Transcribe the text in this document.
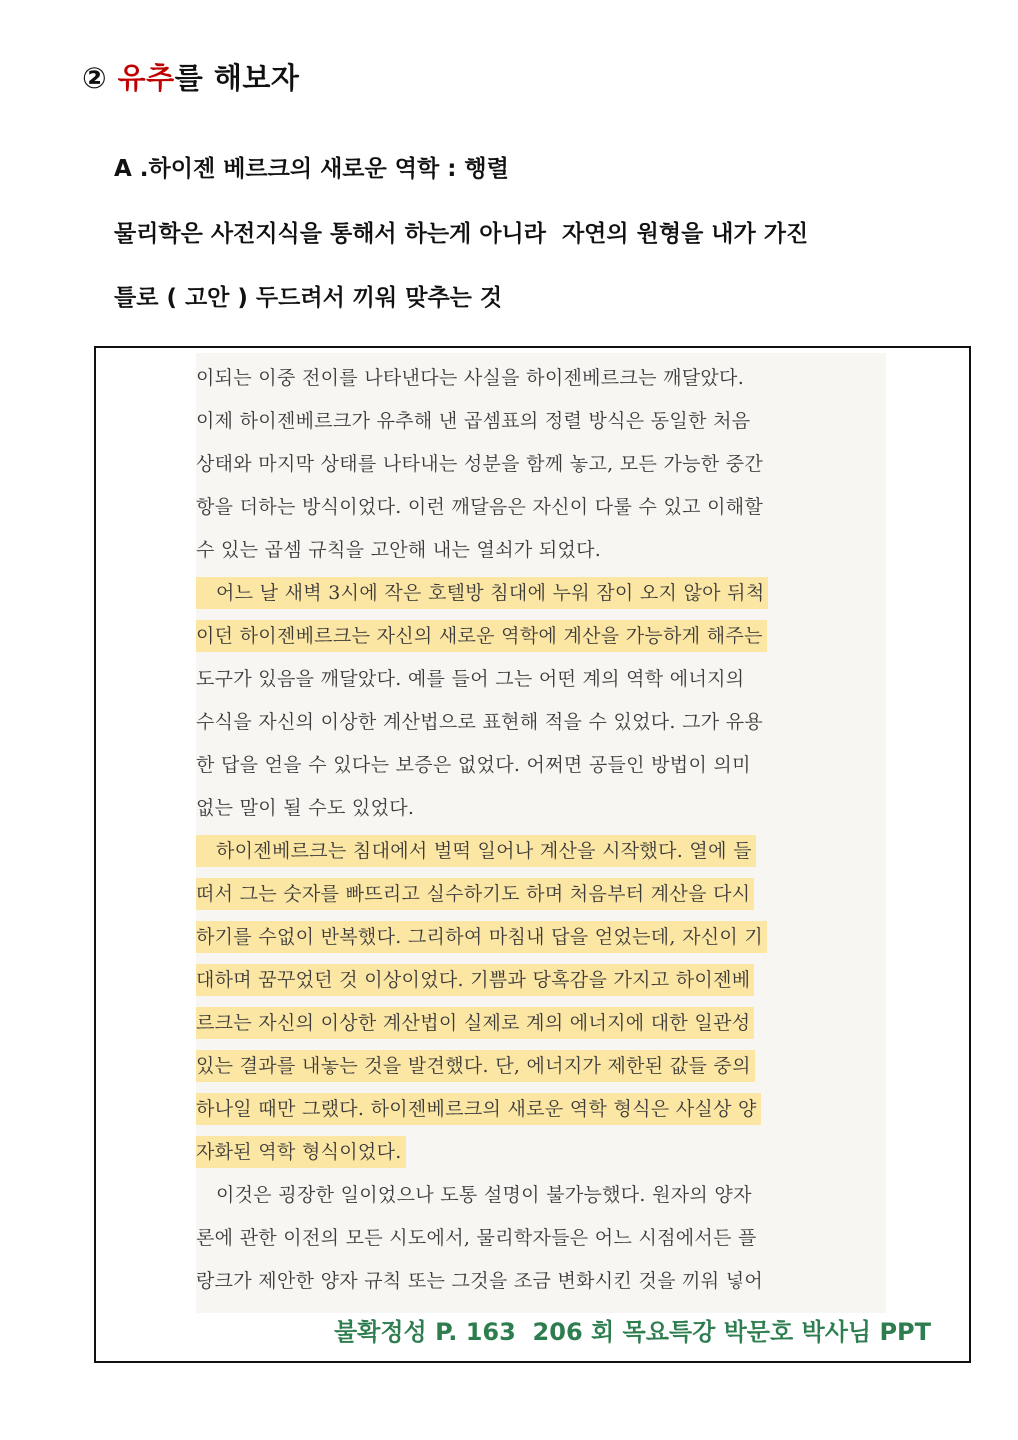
② 유추를 해보자
A .하이젠 베르크의 새로운 역학 : 행렬
물리학은 사전지식을 통해서 하는게 아니라  자연의 원형을 내가 가진
틀로 ( 고안 ) 두드려서 끼워 맞추는 것
이되는 이중 전이를 나타낸다는 사실을 하이젠베르크는 깨달았다.
이제 하이젠베르크가 유추해 낸 곱셈표의 정렬 방식은 동일한 처음
상태와 마지막 상태를 나타내는 성분을 함께 놓고, 모든 가능한 중간
항을 더하는 방식이었다. 이런 깨달음은 자신이 다룰 수 있고 이해할
수 있는 곱셈 규칙을 고안해 내는 열쇠가 되었다.
어느 날 새벽 3시에 작은 호텔방 침대에 누워 잠이 오지 않아 뒤척
이던 하이젠베르크는 자신의 새로운 역학에 계산을 가능하게 해주는
도구가 있음을 깨달았다. 예를 들어 그는 어떤 계의 역학 에너지의
수식을 자신의 이상한 계산법으로 표현해 적을 수 있었다. 그가 유용
한 답을 얻을 수 있다는 보증은 없었다. 어쩌면 공들인 방법이 의미
없는 말이 될 수도 있었다.
하이젠베르크는 침대에서 벌떡 일어나 계산을 시작했다. 열에 들
떠서 그는 숫자를 빠뜨리고 실수하기도 하며 처음부터 계산을 다시
하기를 수없이 반복했다. 그리하여 마침내 답을 얻었는데, 자신이 기
대하며 꿈꾸었던 것 이상이었다. 기쁨과 당혹감을 가지고 하이젠베
르크는 자신의 이상한 계산법이 실제로 계의 에너지에 대한 일관성
있는 결과를 내놓는 것을 발견했다. 단, 에너지가 제한된 값들 중의
하나일 때만 그랬다. 하이젠베르크의 새로운 역학 형식은 사실상 양
자화된 역학 형식이었다.
이것은 굉장한 일이었으나 도통 설명이 불가능했다. 원자의 양자
론에 관한 이전의 모든 시도에서, 물리학자들은 어느 시점에서든 플
랑크가 제안한 양자 규칙 또는 그것을 조금 변화시킨 것을 끼워 넣어
불확정성 P. 163  206 회 목요특강 박문호 박사님 PPT
